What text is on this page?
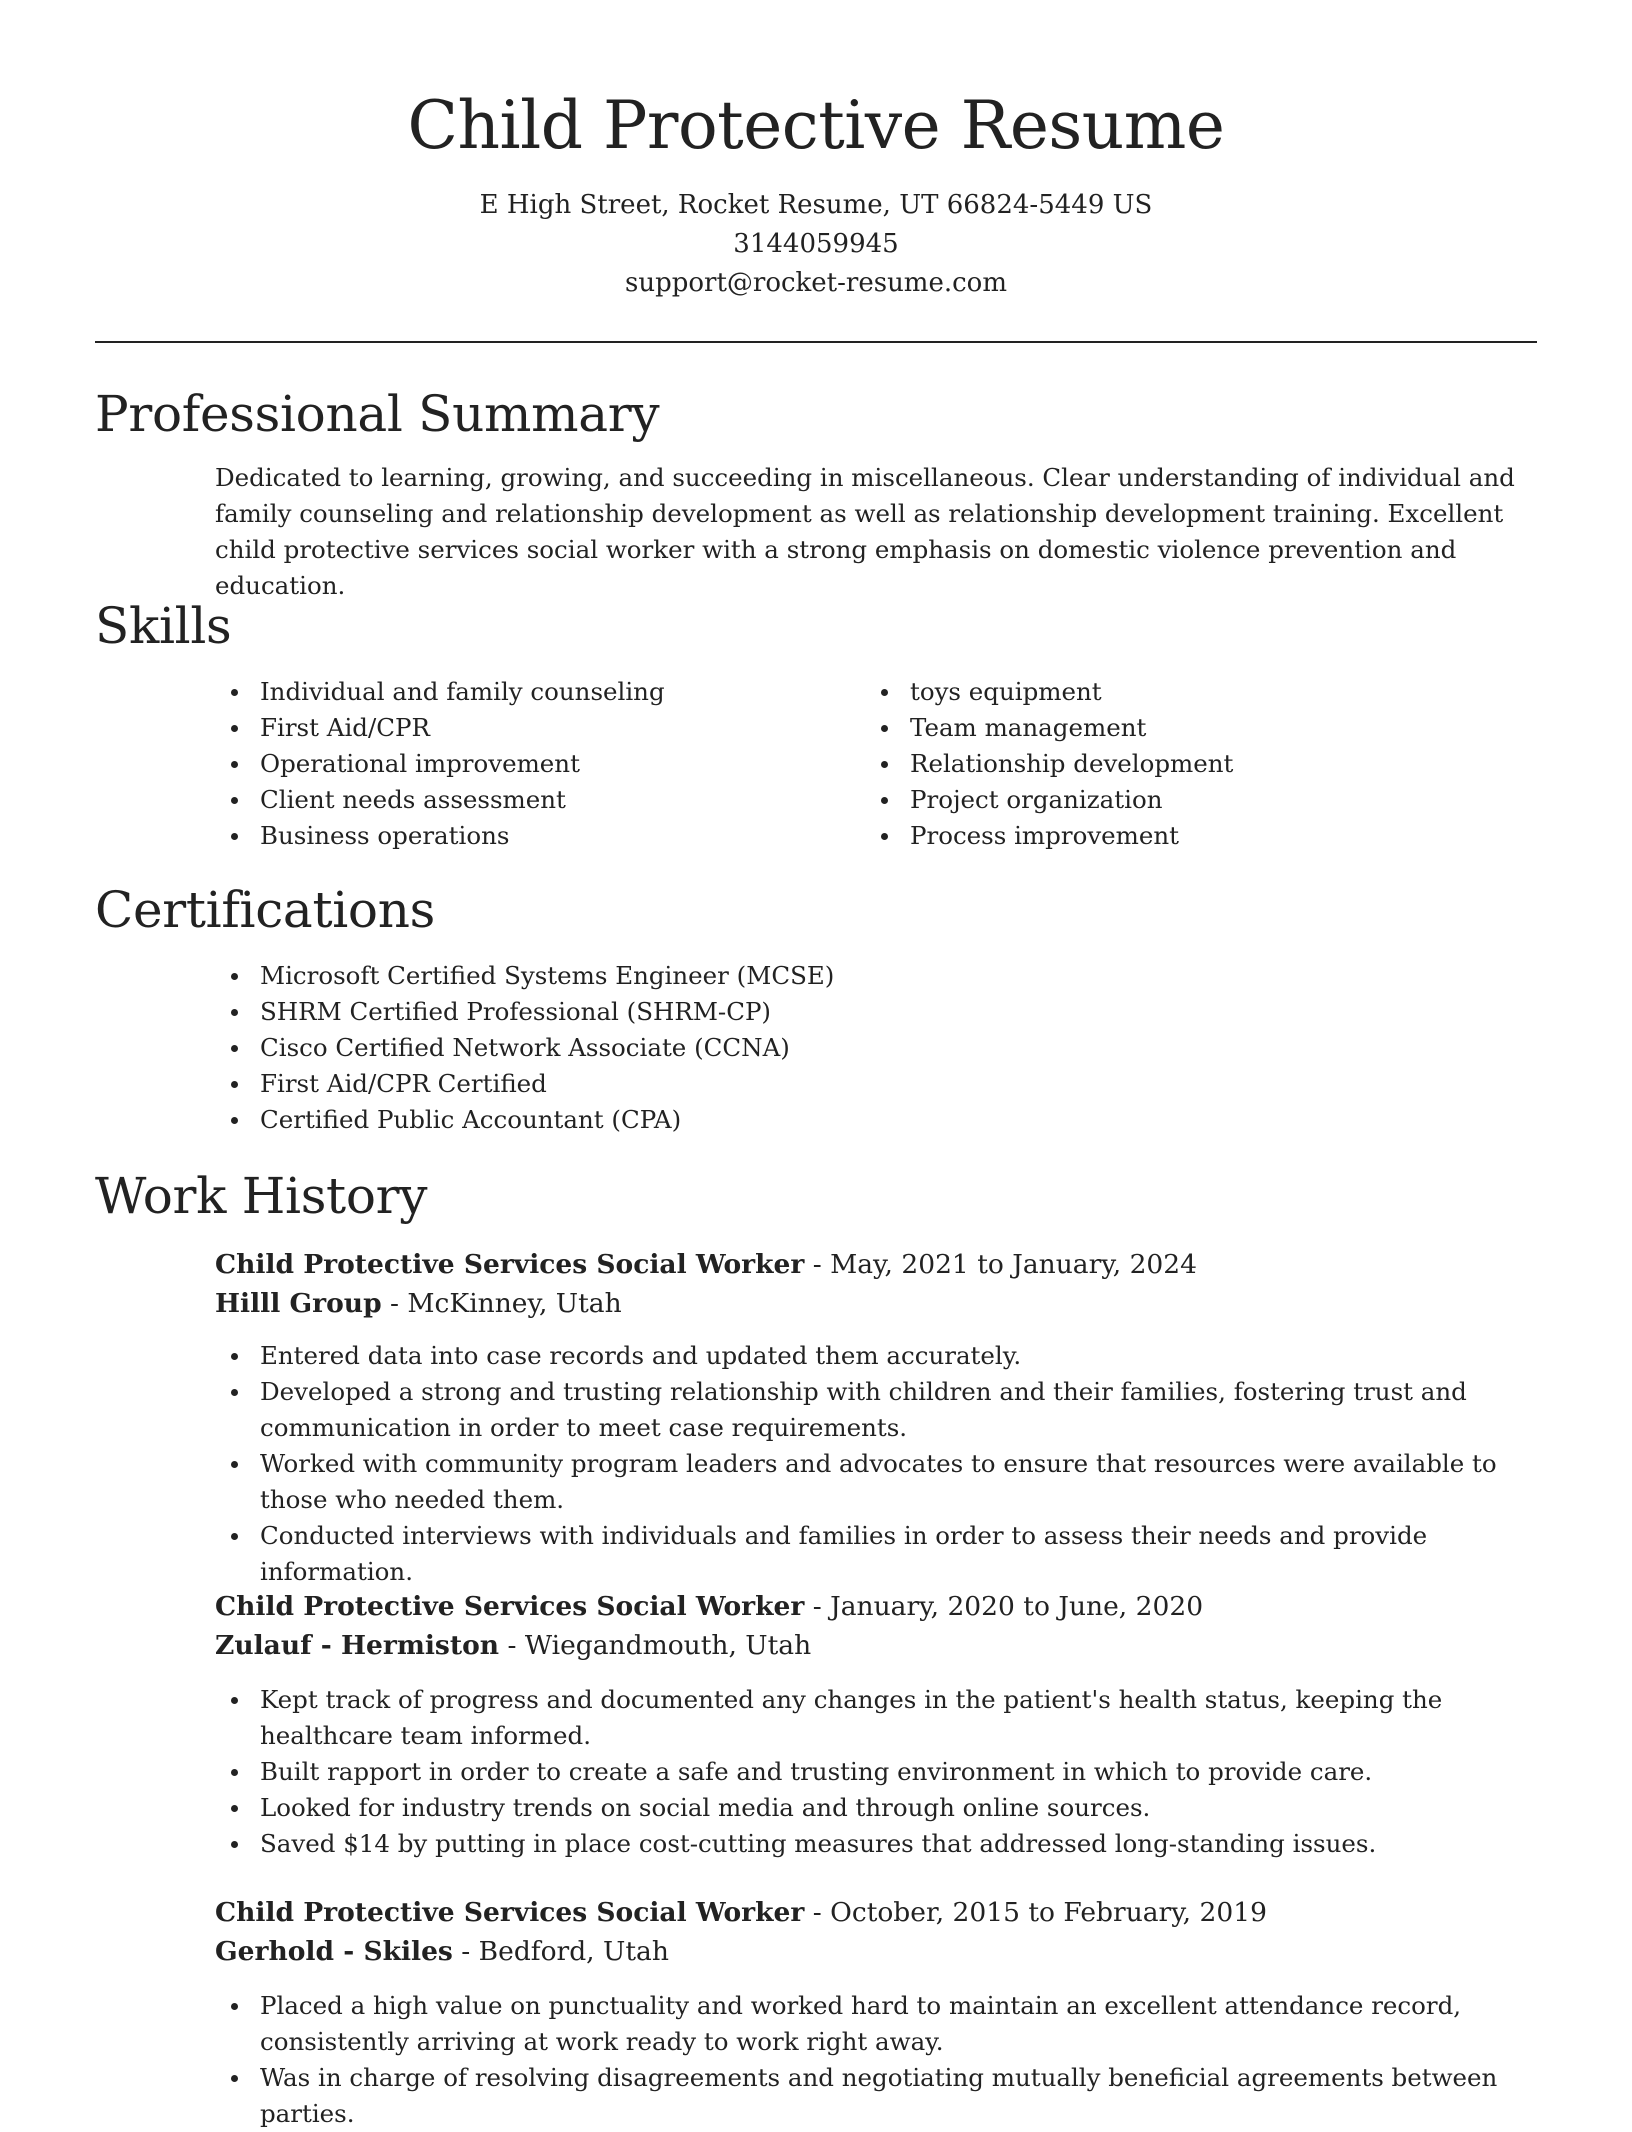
Child Protective Resume
E High Street, Rocket Resume, UT 66824-5449 US
3144059945
support@rocket-resume.com
Professional Summary
Dedicated to learning, growing, and succeeding in miscellaneous. Clear understanding of individual and family counseling and relationship development as well as relationship development training. Excellent child protective services social worker with a strong emphasis on domestic violence prevention and education.
Skills
Individual and family counseling
First Aid/CPR
Operational improvement
Client needs assessment
Business operations
toys equipment
Team management
Relationship development
Project organization
Process improvement
Certifications
Microsoft Certified Systems Engineer (MCSE)
SHRM Certified Professional (SHRM-CP)
Cisco Certified Network Associate (CCNA)
First Aid/CPR Certified
Certified Public Accountant (CPA)
Work History
Child Protective Services Social Worker - May, 2021 to January, 2024
Hilll Group - McKinney, Utah
Entered data into case records and updated them accurately.
Developed a strong and trusting relationship with children and their families, fostering trust and communication in order to meet case requirements.
Worked with community program leaders and advocates to ensure that resources were available to those who needed them.
Conducted interviews with individuals and families in order to assess their needs and provide information.
Child Protective Services Social Worker - January, 2020 to June, 2020
Zulauf - Hermiston - Wiegandmouth, Utah
Kept track of progress and documented any changes in the patient's health status, keeping the healthcare team informed.
Built rapport in order to create a safe and trusting environment in which to provide care.
Looked for industry trends on social media and through online sources.
Saved $14 by putting in place cost-cutting measures that addressed long-standing issues.
Child Protective Services Social Worker - October, 2015 to February, 2019
Gerhold - Skiles - Bedford, Utah
Placed a high value on punctuality and worked hard to maintain an excellent attendance record, consistently arriving at work ready to work right away.
Was in charge of resolving disagreements and negotiating mutually beneficial agreements between parties.
